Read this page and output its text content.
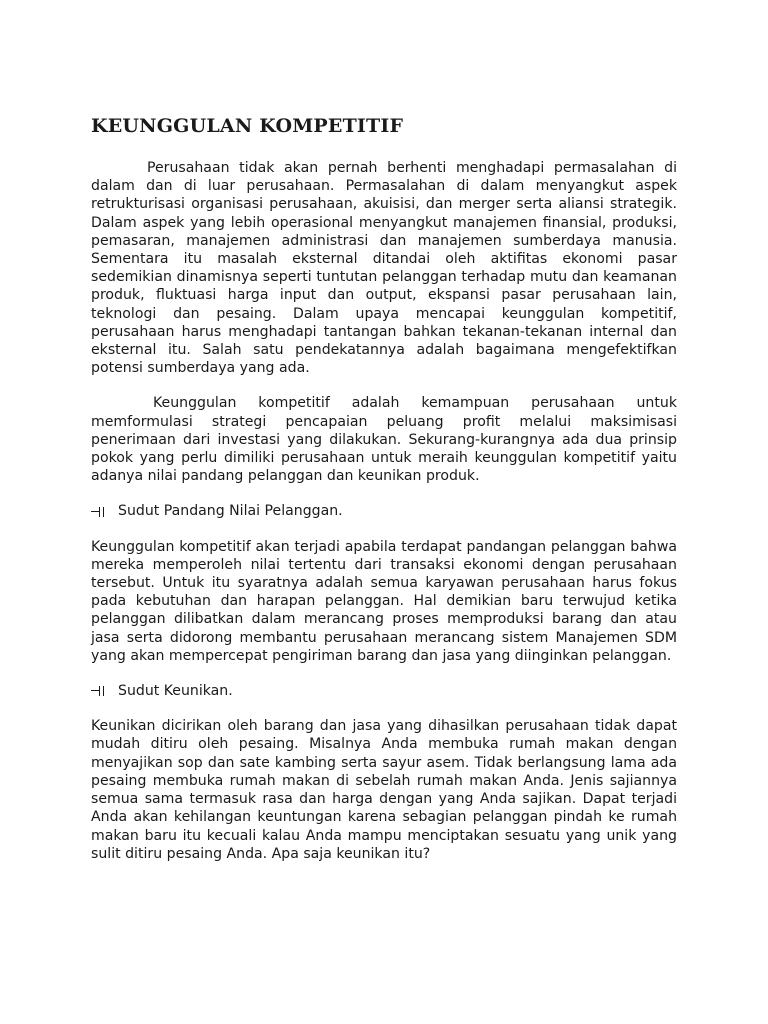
KEUNGGULAN KOMPETITIF

Perusahaan tidak akan pernah berhenti menghadapi permasalahan di dalam dan di luar perusahaan. Permasalahan di dalam menyangkut aspek retrukturisasi organisasi perusahaan, akuisisi, dan merger serta aliansi strategik. Dalam aspek yang lebih operasional menyangkut manajemen finansial, produksi, pemasaran, manajemen administrasi dan manajemen sumberdaya manusia. Sementara itu masalah eksternal ditandai oleh aktifitas ekonomi pasar sedemikian dinamisnya seperti tuntutan pelanggan terhadap mutu dan keamanan produk, fluktuasi harga input dan output, ekspansi pasar perusahaan lain, teknologi dan pesaing. Dalam upaya mencapai keunggulan kompetitif, perusahaan harus menghadapi tantangan bahkan tekanan-tekanan internal dan eksternal itu. Salah satu pendekatannya adalah bagaimana mengefektifkan potensi sumberdaya yang ada.

Keunggulan kompetitif adalah kemampuan perusahaan untuk memformulasi strategi pencapaian peluang profit melalui maksimisasi penerimaan dari investasi yang dilakukan. Sekurang-kurangnya ada dua prinsip pokok yang perlu dimiliki perusahaan untuk meraih keunggulan kompetitif yaitu adanya nilai pandang pelanggan dan keunikan produk.

Sudut Pandang Nilai Pelanggan.

Keunggulan kompetitif akan terjadi apabila terdapat pandangan pelanggan bahwa mereka memperoleh nilai tertentu dari transaksi ekonomi dengan perusahaan tersebut. Untuk itu syaratnya adalah semua karyawan perusahaan harus fokus pada kebutuhan dan harapan pelanggan. Hal demikian baru terwujud ketika pelanggan dilibatkan dalam merancang proses memproduksi barang dan atau jasa serta didorong membantu perusahaan merancang sistem Manajemen SDM yang akan mempercepat pengiriman barang dan jasa yang diinginkan pelanggan.

Sudut Keunikan.

Keunikan dicirikan oleh barang dan jasa yang dihasilkan perusahaan tidak dapat mudah ditiru oleh pesaing. Misalnya Anda membuka rumah makan dengan menyajikan sop dan sate kambing serta sayur asem. Tidak berlangsung lama ada pesaing membuka rumah makan di sebelah rumah makan Anda. Jenis sajiannya semua sama termasuk rasa dan harga dengan yang Anda sajikan. Dapat terjadi Anda akan kehilangan keuntungan karena sebagian pelanggan pindah ke rumah makan baru itu kecuali kalau Anda mampu menciptakan sesuatu yang unik yang sulit ditiru pesaing Anda. Apa saja keunikan itu?
